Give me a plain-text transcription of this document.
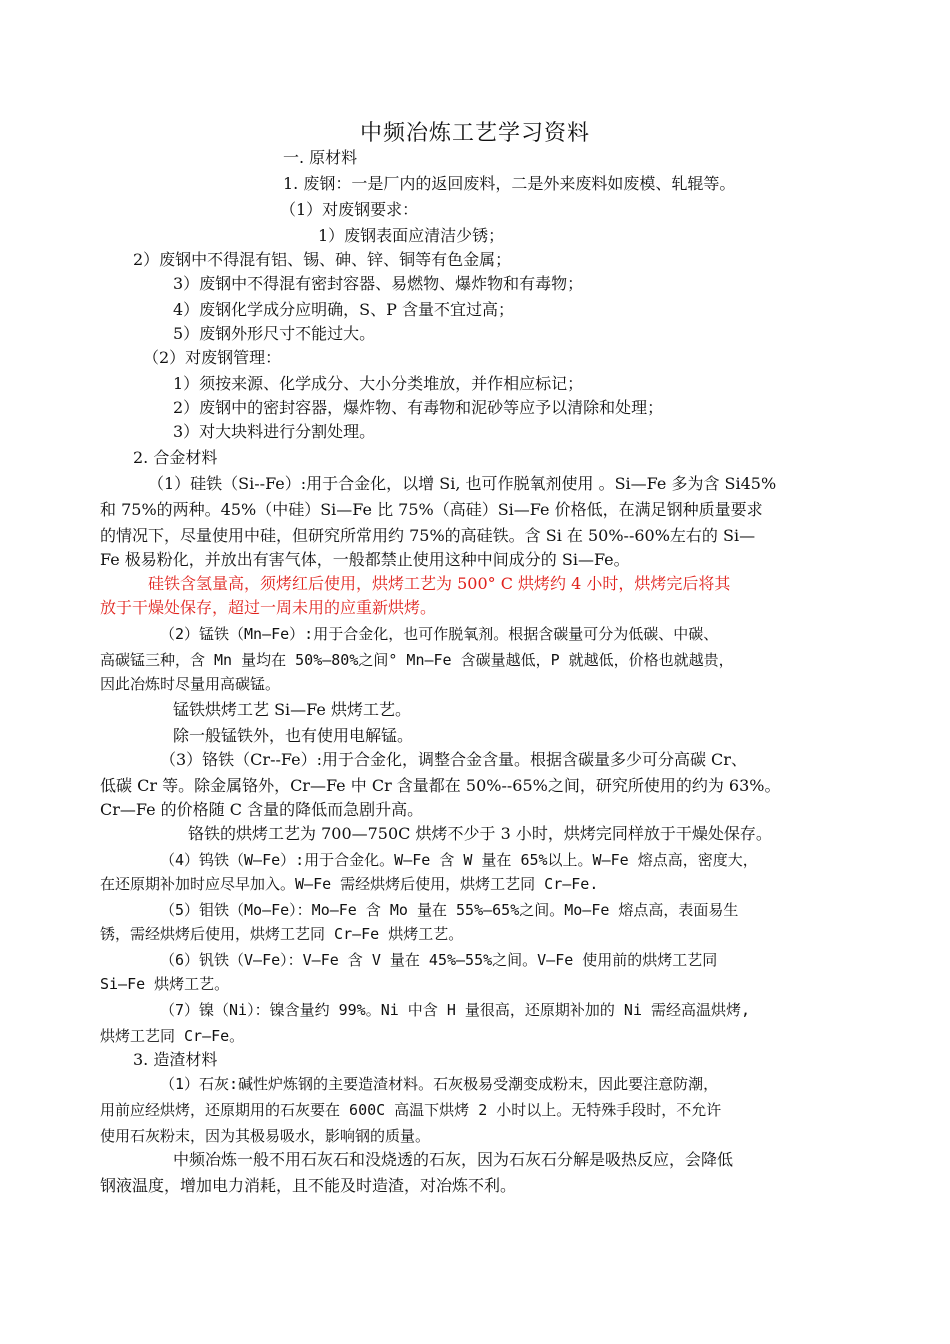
中频冶炼工艺学习资料
一. 原材料
1. 废钢：一是厂内的返回废料，二是外来废料如废模、轧辊等。
（1）对废钢要求：
1）废钢表面应清洁少锈；
2）废钢中不得混有铝、锡、砷、锌、铜等有色金属；
3）废钢中不得混有密封容器、易燃物、爆炸物和有毒物；
4）废钢化学成分应明确，S、P 含量不宜过高；
5）废钢外形尺寸不能过大。
（2）对废钢管理：
1）须按来源、化学成分、大小分类堆放，并作相应标记；
2）废钢中的密封容器，爆炸物、有毒物和泥砂等应予以清除和处理；
3）对大块料进行分割处理。
2. 合金材料
（1）硅铁（Si--Fe）:用于合金化，以增 Si, 也可作脱氧剂使用 。Si—Fe 多为含 Si45%
和 75%的两种。45%（中硅）Si—Fe 比 75%（高硅）Si—Fe 价格低，在满足钢种质量要求
的情况下，尽量使用中硅，但研究所常用约 75%的高硅铁。含 Si 在 50%--60%左右的 Si—
Fe 极易粉化，并放出有害气体，一般都禁止使用这种中间成分的 Si—Fe。
硅铁含氢量高，须烤红后使用，烘烤工艺为 500° C 烘烤约 4 小时，烘烤完后将其
放于干燥处保存，超过一周未用的应重新烘烤。
（2）锰铁（Mn—Fe）:用于合金化，也可作脱氧剂。根据含碳量可分为低碳、中碳、
高碳锰三种，含 Mn 量均在 50%—80%之间° Mn—Fe 含碳量越低，P 就越低，价格也就越贵，
因此冶炼时尽量用高碳锰。
锰铁烘烤工艺 Si—Fe 烘烤工艺。
除一般锰铁外，也有使用电解锰。
（3）铬铁（Cr--Fe）:用于合金化，调整合金含量。根据含碳量多少可分高碳 Cr、
低碳 Cr 等。除金属铬外，Cr—Fe 中 Cr 含量都在 50%--65%之间，研究所使用的约为 63%。
Cr—Fe 的价格随 C 含量的降低而急剧升高。
铬铁的烘烤工艺为 700—750C 烘烤不少于 3 小时，烘烤完同样放于干燥处保存。
（4）钨铁（W—Fe）:用于合金化。W—Fe 含 W 量在 65%以上。W—Fe 熔点高，密度大，
在还原期补加时应尽早加入。W—Fe 需经烘烤后使用，烘烤工艺同 Cr—Fe.
（5）钼铁（Mo—Fe）：Mo—Fe 含 Mo 量在 55%—65%之间。Mo—Fe 熔点高，表面易生
锈，需经烘烤后使用，烘烤工艺同 Cr—Fe 烘烤工艺。
（6）钒铁（V—Fe）：V—Fe 含 V 量在 45%—55%之间。V—Fe 使用前的烘烤工艺同
Si—Fe 烘烤工艺。
（7）镍（Ni）：镍含量约 99%。Ni 中含 H 量很高，还原期补加的 Ni 需经高温烘烤,
烘烤工艺同 Cr—Fe。
3. 造渣材料
（1）石灰:碱性炉炼钢的主要造渣材料。石灰极易受潮变成粉末，因此要注意防潮，
用前应经烘烤，还原期用的石灰要在 600C 高温下烘烤 2 小时以上。无特殊手段时，不允许
使用石灰粉末，因为其极易吸水，影响钢的质量。
中频冶炼一般不用石灰石和没烧透的石灰，因为石灰石分解是吸热反应，会降低
钢液温度，增加电力消耗，且不能及时造渣，对冶炼不利。
